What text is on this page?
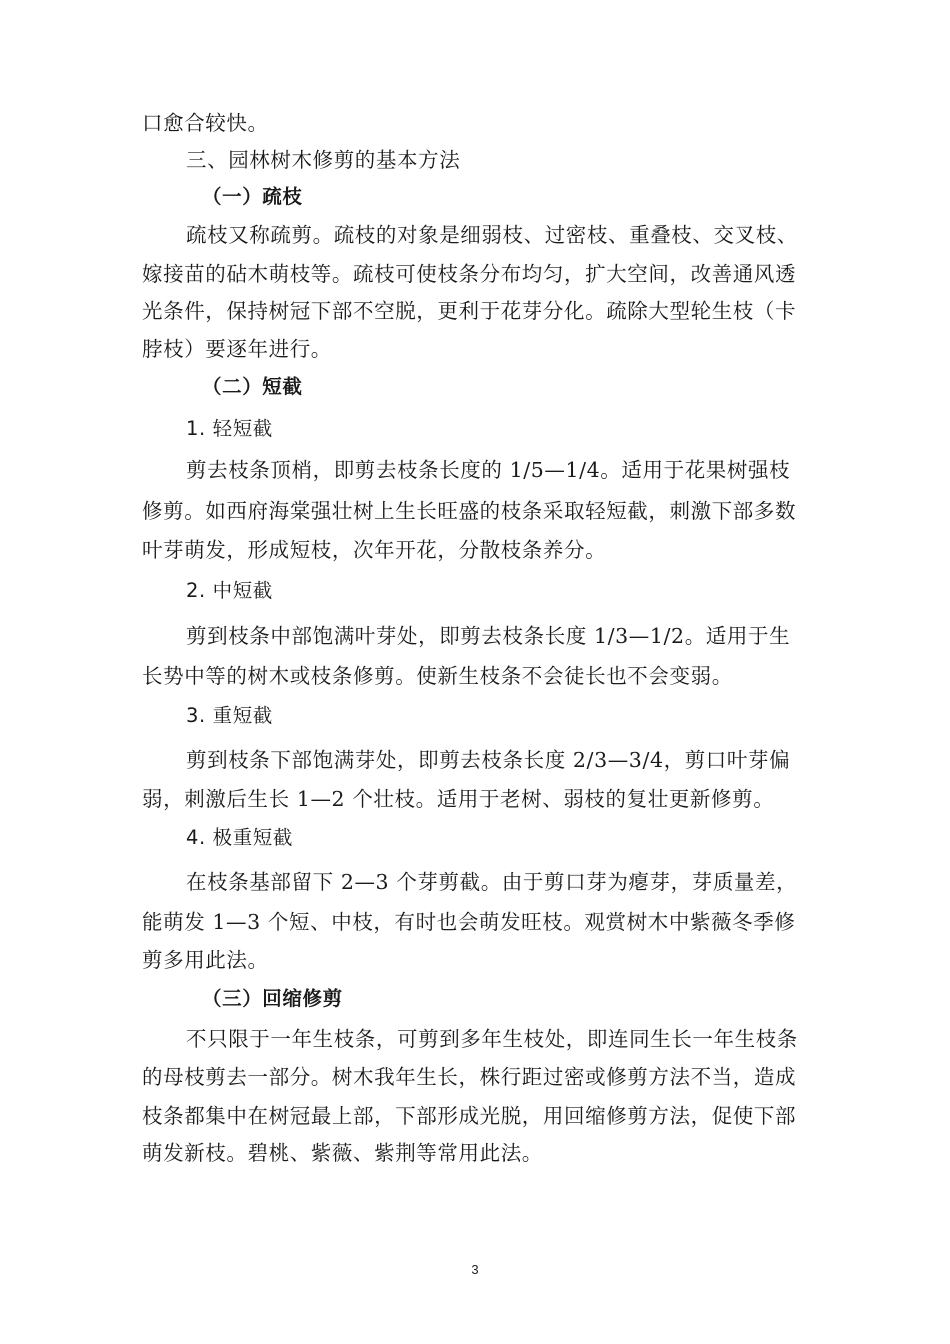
口愈合较快。
三、园林树木修剪的基本方法
（一）疏枝
疏枝又称疏剪。疏枝的对象是细弱枝、过密枝、重叠枝、交叉枝、
嫁接苗的砧木萌枝等。疏枝可使枝条分布均匀，扩大空间，改善通风透
光条件，保持树冠下部不空脱，更利于花芽分化。疏除大型轮生枝（卡
脖枝）要逐年进行。
（二）短截
1. 轻短截
剪去枝条顶梢，即剪去枝条长度的 1/5—1/4。适用于花果树强枝
修剪。如西府海棠强壮树上生长旺盛的枝条采取轻短截，刺激下部多数
叶芽萌发，形成短枝，次年开花，分散枝条养分。
2. 中短截
剪到枝条中部饱满叶芽处，即剪去枝条长度 1/3—1/2。适用于生
长势中等的树木或枝条修剪。使新生枝条不会徒长也不会变弱。
3. 重短截
剪到枝条下部饱满芽处，即剪去枝条长度 2/3—3/4，剪口叶芽偏
弱，刺激后生长 1—2 个壮枝。适用于老树、弱枝的复壮更新修剪。
4. 极重短截
在枝条基部留下 2—3 个芽剪截。由于剪口芽为瘪芽，芽质量差，
能萌发 1—3 个短、中枝，有时也会萌发旺枝。观赏树木中紫薇冬季修
剪多用此法。
（三）回缩修剪
不只限于一年生枝条，可剪到多年生枝处，即连同生长一年生枝条
的母枝剪去一部分。树木我年生长，株行距过密或修剪方法不当，造成
枝条都集中在树冠最上部，下部形成光脱，用回缩修剪方法，促使下部
萌发新枝。碧桃、紫薇、紫荆等常用此法。
3
